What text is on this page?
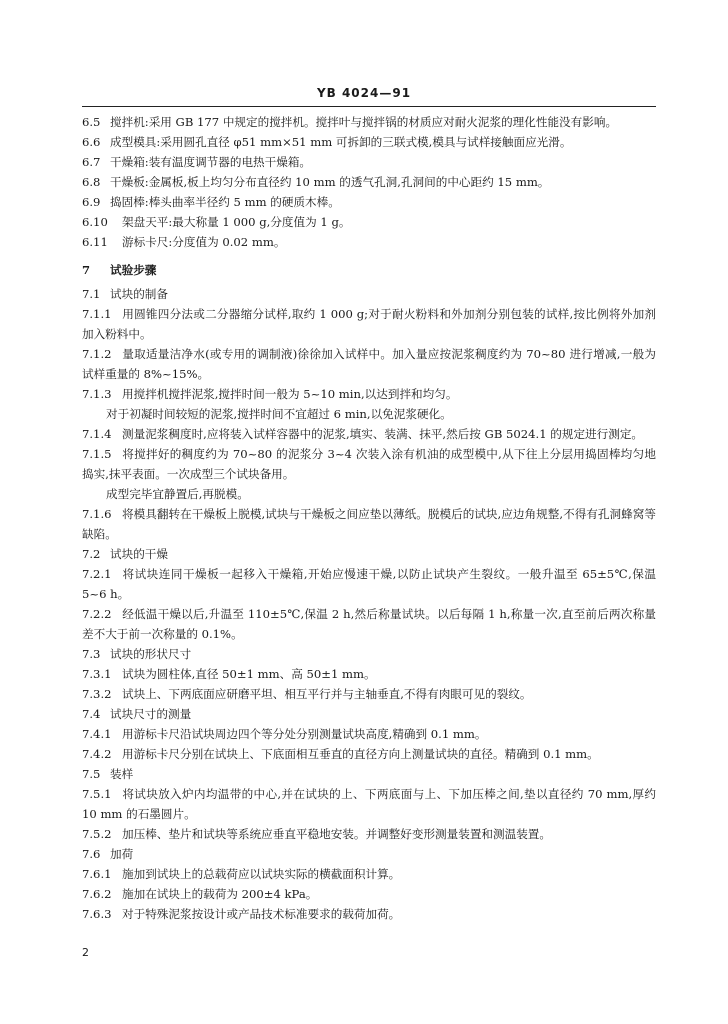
YB 4024—91

6.5 搅拌机:采用 GB 177 中规定的搅拌机。搅拌叶与搅拌锅的材质应对耐火泥浆的理化性能没有影响。

6.6 成型模具:采用圆孔直径 φ51 mm×51 mm 可拆卸的三联式模,模具与试样接触面应光滑。

6.7 干燥箱:装有温度调节器的电热干燥箱。

6.8 干燥板:金属板,板上均匀分布直径约 10 mm 的透气孔洞,孔洞间的中心距约 15 mm。

6.9 捣固棒:棒头曲率半径约 5 mm 的硬质木棒。

6.10 架盘天平:最大称量 1 000 g,分度值为 1 g。

6.11 游标卡尺:分度值为 0.02 mm。

7 试验步骤

7.1 试块的制备

7.1.1 用圆锥四分法或二分器缩分试样,取约 1 000 g;对于耐火粉料和外加剂分别包装的试样,按比例将外加剂加入粉料中。

7.1.2 量取适量洁净水(或专用的调制液)徐徐加入试样中。加入量应按泥浆稠度约为 70~80 进行增减,一般为试样重量的 8%~15%。

7.1.3 用搅拌机搅拌泥浆,搅拌时间一般为 5~10 min,以达到拌和均匀。

对于初凝时间较短的泥浆,搅拌时间不宜超过 6 min,以免泥浆硬化。

7.1.4 测量泥浆稠度时,应将装入试样容器中的泥浆,填实、装满、抹平,然后按 GB 5024.1 的规定进行测定。

7.1.5 将搅拌好的稠度约为 70~80 的泥浆分 3~4 次装入涂有机油的成型模中,从下往上分层用捣固棒均匀地捣实,抹平表面。一次成型三个试块备用。

成型完毕宜静置后,再脱模。

7.1.6 将模具翻转在干燥板上脱模,试块与干燥板之间应垫以薄纸。脱模后的试块,应边角规整,不得有孔洞蜂窝等缺陷。

7.2 试块的干燥

7.2.1 将试块连同干燥板一起移入干燥箱,开始应慢速干燥,以防止试块产生裂纹。一般升温至 65±5℃,保温 5~6 h。

7.2.2 经低温干燥以后,升温至 110±5℃,保温 2 h,然后称量试块。以后每隔 1 h,称量一次,直至前后两次称量差不大于前一次称量的 0.1%。

7.3 试块的形状尺寸

7.3.1 试块为圆柱体,直径 50±1 mm、高 50±1 mm。

7.3.2 试块上、下两底面应研磨平坦、相互平行并与主轴垂直,不得有肉眼可见的裂纹。

7.4 试块尺寸的测量

7.4.1 用游标卡尺沿试块周边四个等分处分别测量试块高度,精确到 0.1 mm。

7.4.2 用游标卡尺分别在试块上、下底面相互垂直的直径方向上测量试块的直径。精确到 0.1 mm。

7.5 装样

7.5.1 将试块放入炉内均温带的中心,并在试块的上、下两底面与上、下加压棒之间,垫以直径约 70 mm,厚约 10 mm 的石墨圆片。

7.5.2 加压棒、垫片和试块等系统应垂直平稳地安装。并调整好变形测量装置和测温装置。

7.6 加荷

7.6.1 施加到试块上的总载荷应以试块实际的横截面积计算。

7.6.2 施加在试块上的载荷为 200±4 kPa。

7.6.3 对于特殊泥浆按设计或产品技术标准要求的载荷加荷。

2
